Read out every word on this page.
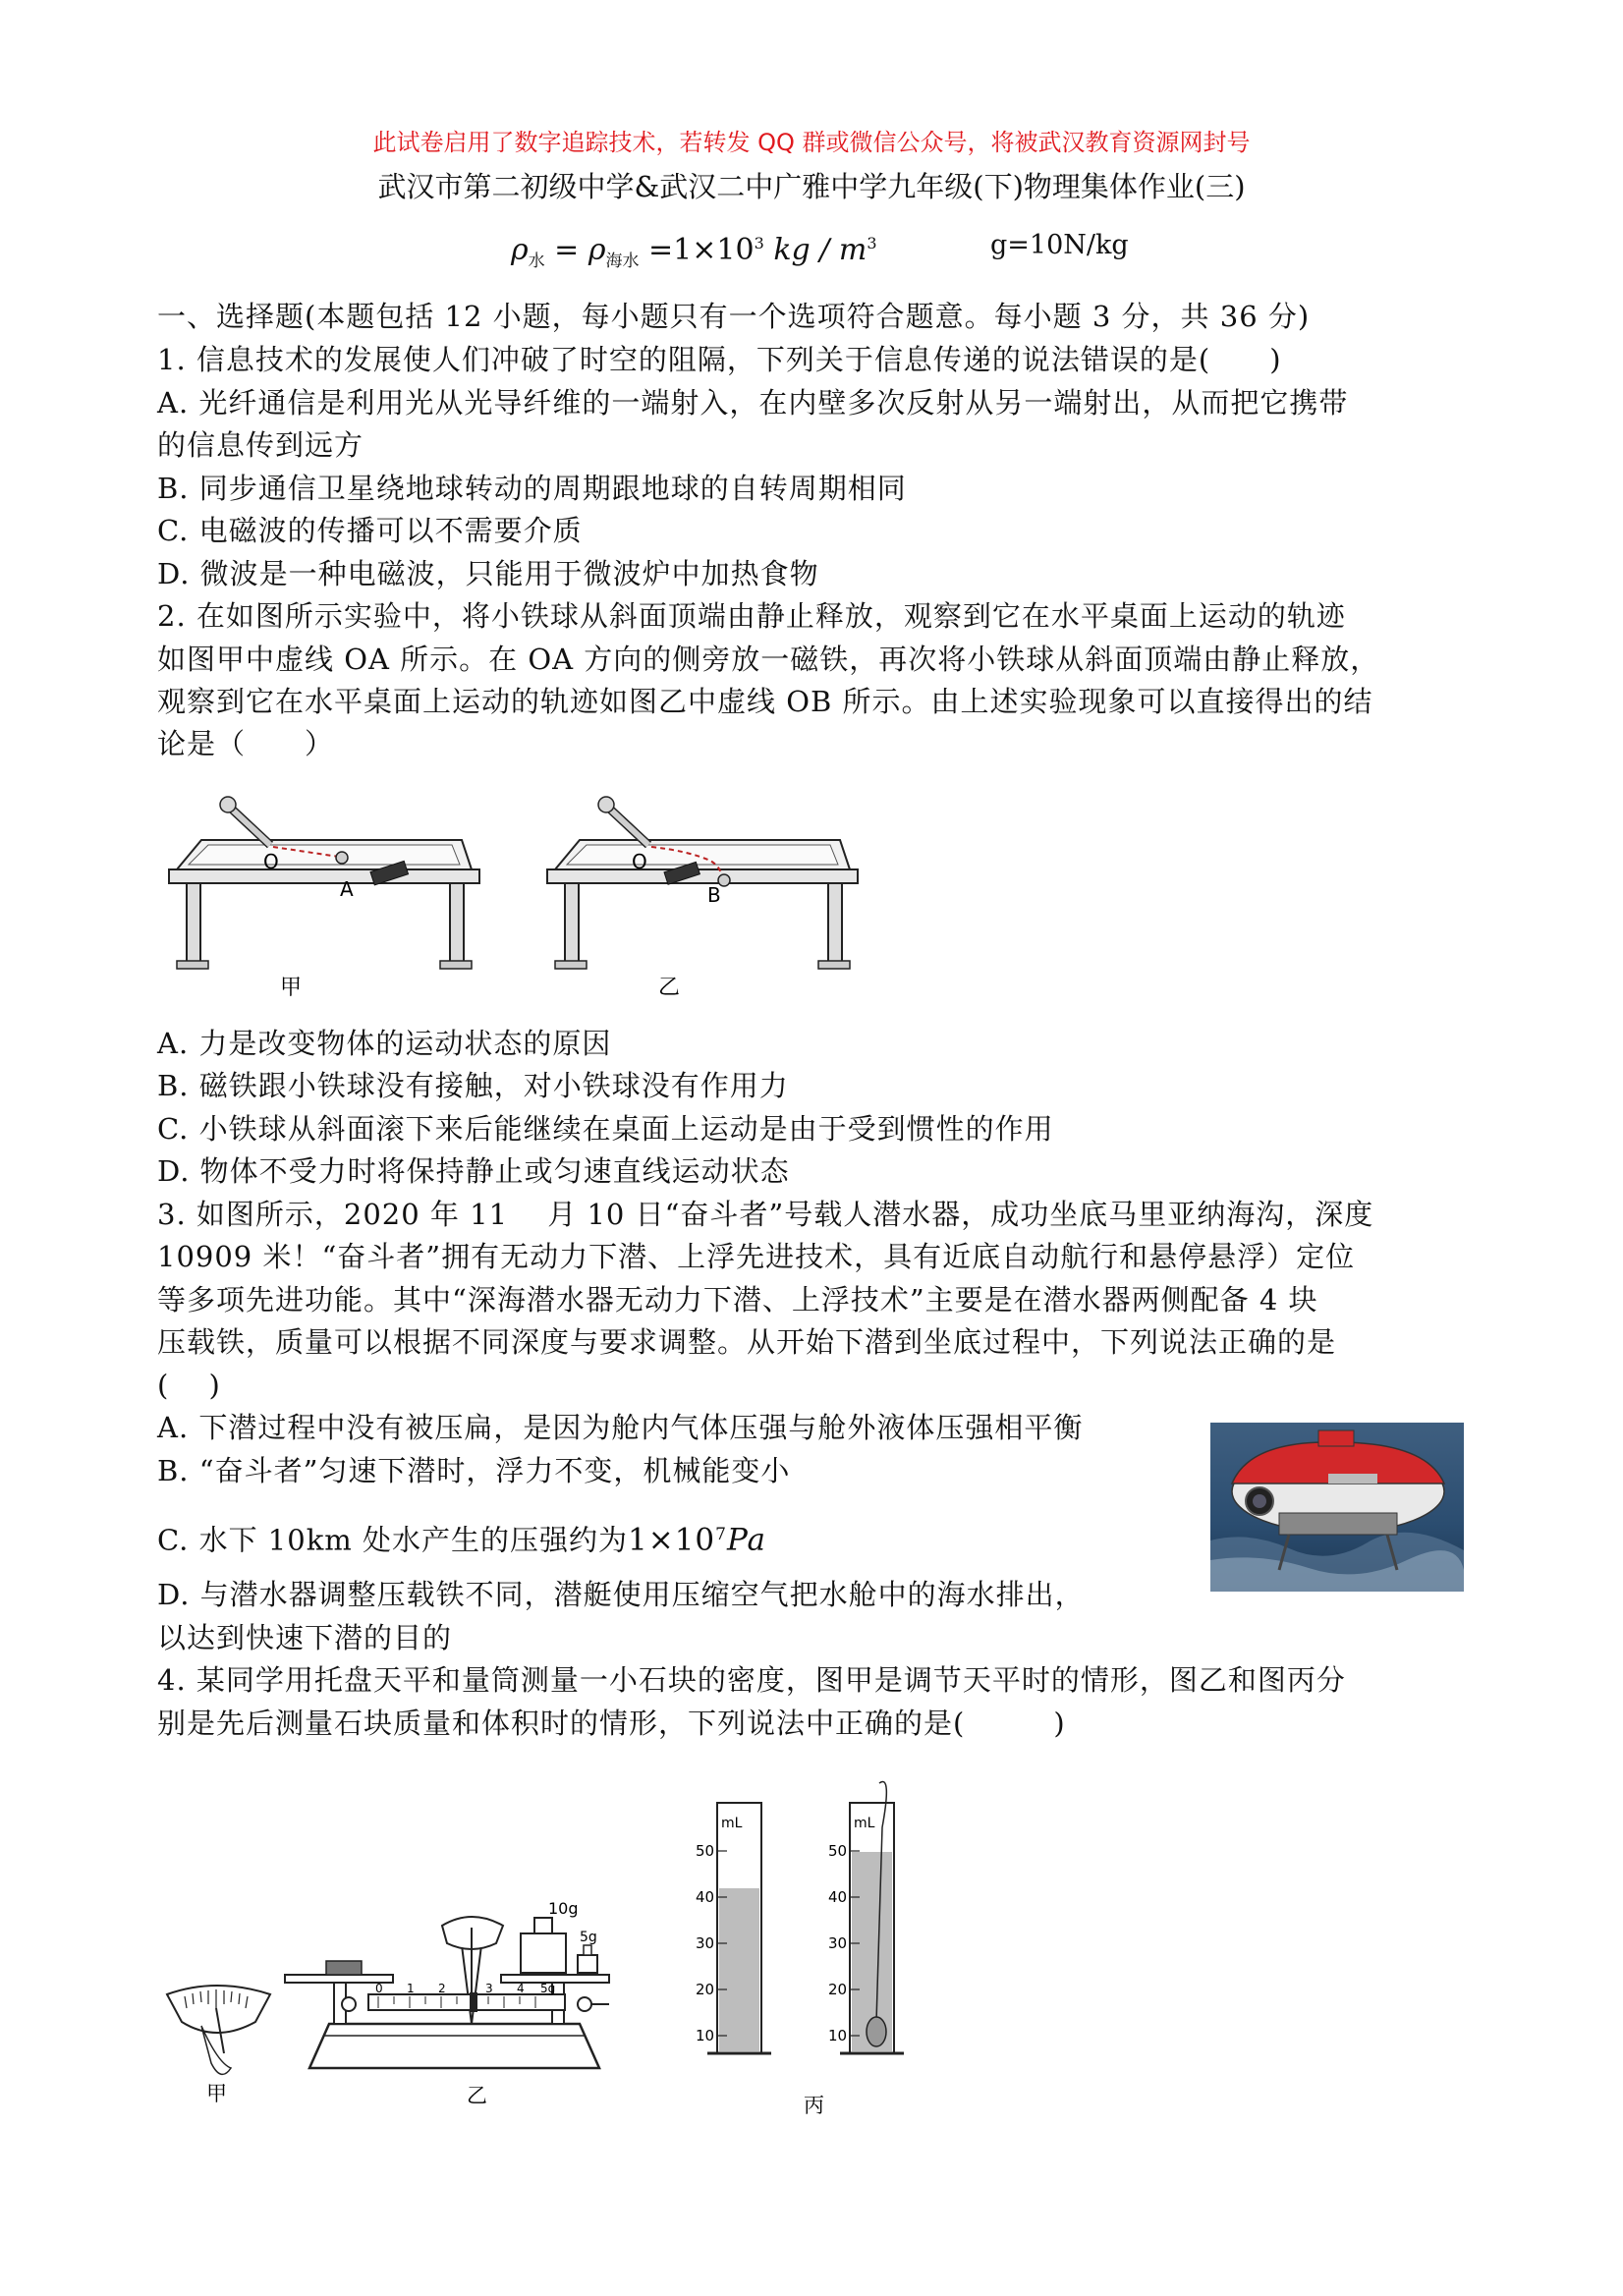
此试卷启用了数字追踪技术，若转发 QQ 群或微信公众号，将被武汉教育资源网封号
武汉市第二初级中学&武汉二中广雅中学九年级(下)物理集体作业(三)
$\rho_水 = \rho_{海水} =1\times 10^3$ kg / $m^3$	g=10N/kg
一、选择题(本题包括 12 小题，每小题只有一个选项符合题意。每小题 3 分，共 36 分)
1. 信息技术的发展使人们冲破了时空的阻隔，下列关于信息传递的说法错误的是(　　)
A. 光纤通信是利用光从光导纤维的一端射入，在内壁多次反射从另一端射出，从而把它携带
的信息传到远方
B. 同步通信卫星绕地球转动的周期跟地球的自转周期相同
C. 电磁波的传播可以不需要介质
D. 微波是一种电磁波，只能用于微波炉中加热食物
2. 在如图所示实验中，将小铁球从斜面顶端由静止释放，观察到它在水平桌面上运动的轨迹
如图甲中虚线 OA 所示。在 OA 方向的侧旁放一磁铁，再次将小铁球从斜面顶端由静止释放，
观察到它在水平桌面上运动的轨迹如图乙中虚线 OB 所示。由上述实验现象可以直接得出的结
论是（　　）
O
A
O
B
甲	乙
A. 力是改变物体的运动状态的原因
B. 磁铁跟小铁球没有接触，对小铁球没有作用力
C. 小铁球从斜面滚下来后能继续在桌面上运动是由于受到惯性的作用
D. 物体不受力时将保持静止或匀速直线运动状态
3. 如图所示，2020 年 11　 月 10 日“奋斗者”号载人潜水器，成功坐底马里亚纳海沟，深度
10909 米！“奋斗者”拥有无动力下潜、上浮先进技术，具有近底自动航行和悬停悬浮）定位
等多项先进功能。其中“深海潜水器无动力下潜、上浮技术”主要是在潜水器两侧配备 4 块
压载铁，质量可以根据不同深度与要求调整。从开始下潜到坐底过程中，下列说法正确的是
(　 )
A. 下潜过程中没有被压扁，是因为舱内气体压强与舱外液体压强相平衡
B. “奋斗者”匀速下潜时，浮力不变，机械能变小
C. 水下 10km 处水产生的压强约为$1\times 10^7Pa$
D. 与潜水器调整压载铁不同，潜艇使用压缩空气把水舱中的海水排出，
以达到快速下潜的目的
4. 某同学用托盘天平和量筒测量一小石块的密度，图甲是调节天平时的情形，图乙和图丙分
别是先后测量石块质量和体积时的情形，下列说法中正确的是(　　　)
甲
10g
5g
0 1 2	3 4 5g
乙
mL
50
40
30
20
10
mL
50
40
30
20
10
丙
